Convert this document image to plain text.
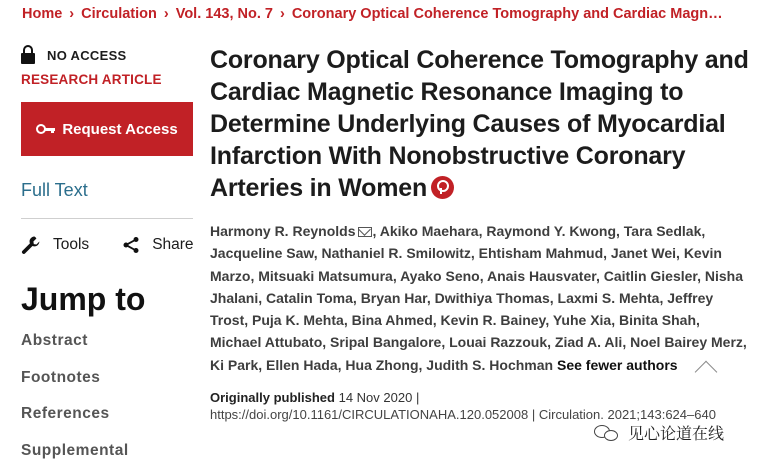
Home › Circulation › Vol. 143, No. 7 › Coronary Optical Coherence Tomography and Cardiac Magn…
NO ACCESS
RESEARCH ARTICLE
Request Access
Full Text
Tools	Share
Jump to
Abstract
Footnotes
References
Supplemental
Coronary Optical Coherence Tomography and Cardiac Magnetic Resonance Imaging to Determine Underlying Causes of Myocardial Infarction With Nonobstructive Coronary Arteries in Women
Harmony R. Reynolds , Akiko Maehara, Raymond Y. Kwong, Tara Sedlak, Jacqueline Saw, Nathaniel R. Smilowitz, Ehtisham Mahmud, Janet Wei, Kevin Marzo, Mitsuaki Matsumura, Ayako Seno, Anais Hausvater, Caitlin Giesler, Nisha Jhalani, Catalin Toma, Bryan Har, Dwithiya Thomas, Laxmi S. Mehta, Jeffrey Trost, Puja K. Mehta, Bina Ahmed, Kevin R. Bainey, Yuhe Xia, Binita Shah, Michael Attubato, Sripal Bangalore, Louai Razzouk, Ziad A. Ali, Noel Bairey Merz, Ki Park, Ellen Hada, Hua Zhong, Judith S. Hochman See fewer authors
Originally published 14 Nov 2020 |
https://doi.org/10.1161/CIRCULATIONAHA.120.052008 | Circulation. 2021;143:624–640
见心论道在线
